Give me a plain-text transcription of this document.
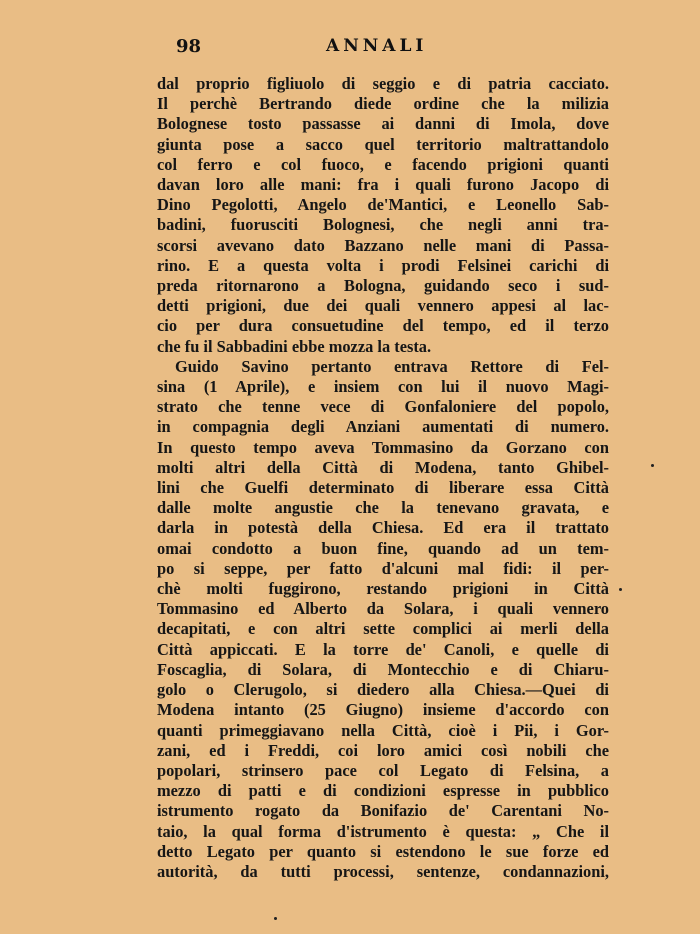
98	ANNALI
dal proprio figliuolo di seggio e di patria cacciato.
Il perchè Bertrando diede ordine che la milizia
Bolognese tosto passasse ai danni di Imola, dove
giunta pose a sacco quel territorio maltrattandolo
col ferro e col fuoco, e facendo prigioni quanti
davan loro alle mani: fra i quali furono Jacopo di
Dino Pegolotti, Angelo de'Mantici, e Leonello Sab-
badini, fuorusciti Bolognesi, che negli anni tra-
scorsi avevano dato Bazzano nelle mani di Passa-
rino. E a questa volta i prodi Felsinei carichi di
preda ritornarono a Bologna, guidando seco i sud-
detti prigioni, due dei quali vennero appesi al lac-
cio per dura consuetudine del tempo, ed il terzo
che fu il Sabbadini ebbe mozza la testa.
Guido Savino pertanto entrava Rettore di Fel-
sina (1 Aprile), e insiem con lui il nuovo Magi-
strato che tenne vece di Gonfaloniere del popolo,
in compagnia degli Anziani aumentati di numero.
In questo tempo aveva Tommasino da Gorzano con
molti altri della Città di Modena, tanto Ghibel-
lini che Guelfi determinato di liberare essa Città
dalle molte angustie che la tenevano gravata, e
darla in potestà della Chiesa. Ed era il trattato
omai condotto a buon fine, quando ad un tem-
po si seppe, per fatto d'alcuni mal fidi: il per-
chè molti fuggirono, restando prigioni in Città
Tommasino ed Alberto da Solara, i quali vennero
decapitati, e con altri sette complici ai merli della
Città appiccati. E la torre de' Canoli, e quelle di
Foscaglia, di Solara, di Montecchio e di Chiaru-
golo o Clerugolo, si diedero alla Chiesa.—Quei di
Modena intanto (25 Giugno) insieme d'accordo con
quanti primeggiavano nella Città, cioè i Pii, i Gor-
zani, ed i Freddi, coi loro amici così nobili che
popolari, strinsero pace col Legato di Felsina, a
mezzo di patti e di condizioni espresse in pubblico
istrumento rogato da Bonifazio de' Carentani No-
taio, la qual forma d'istrumento è questa: „ Che il
detto Legato per quanto si estendono le sue forze ed
autorità, da tutti processi, sentenze, condannazioni,
